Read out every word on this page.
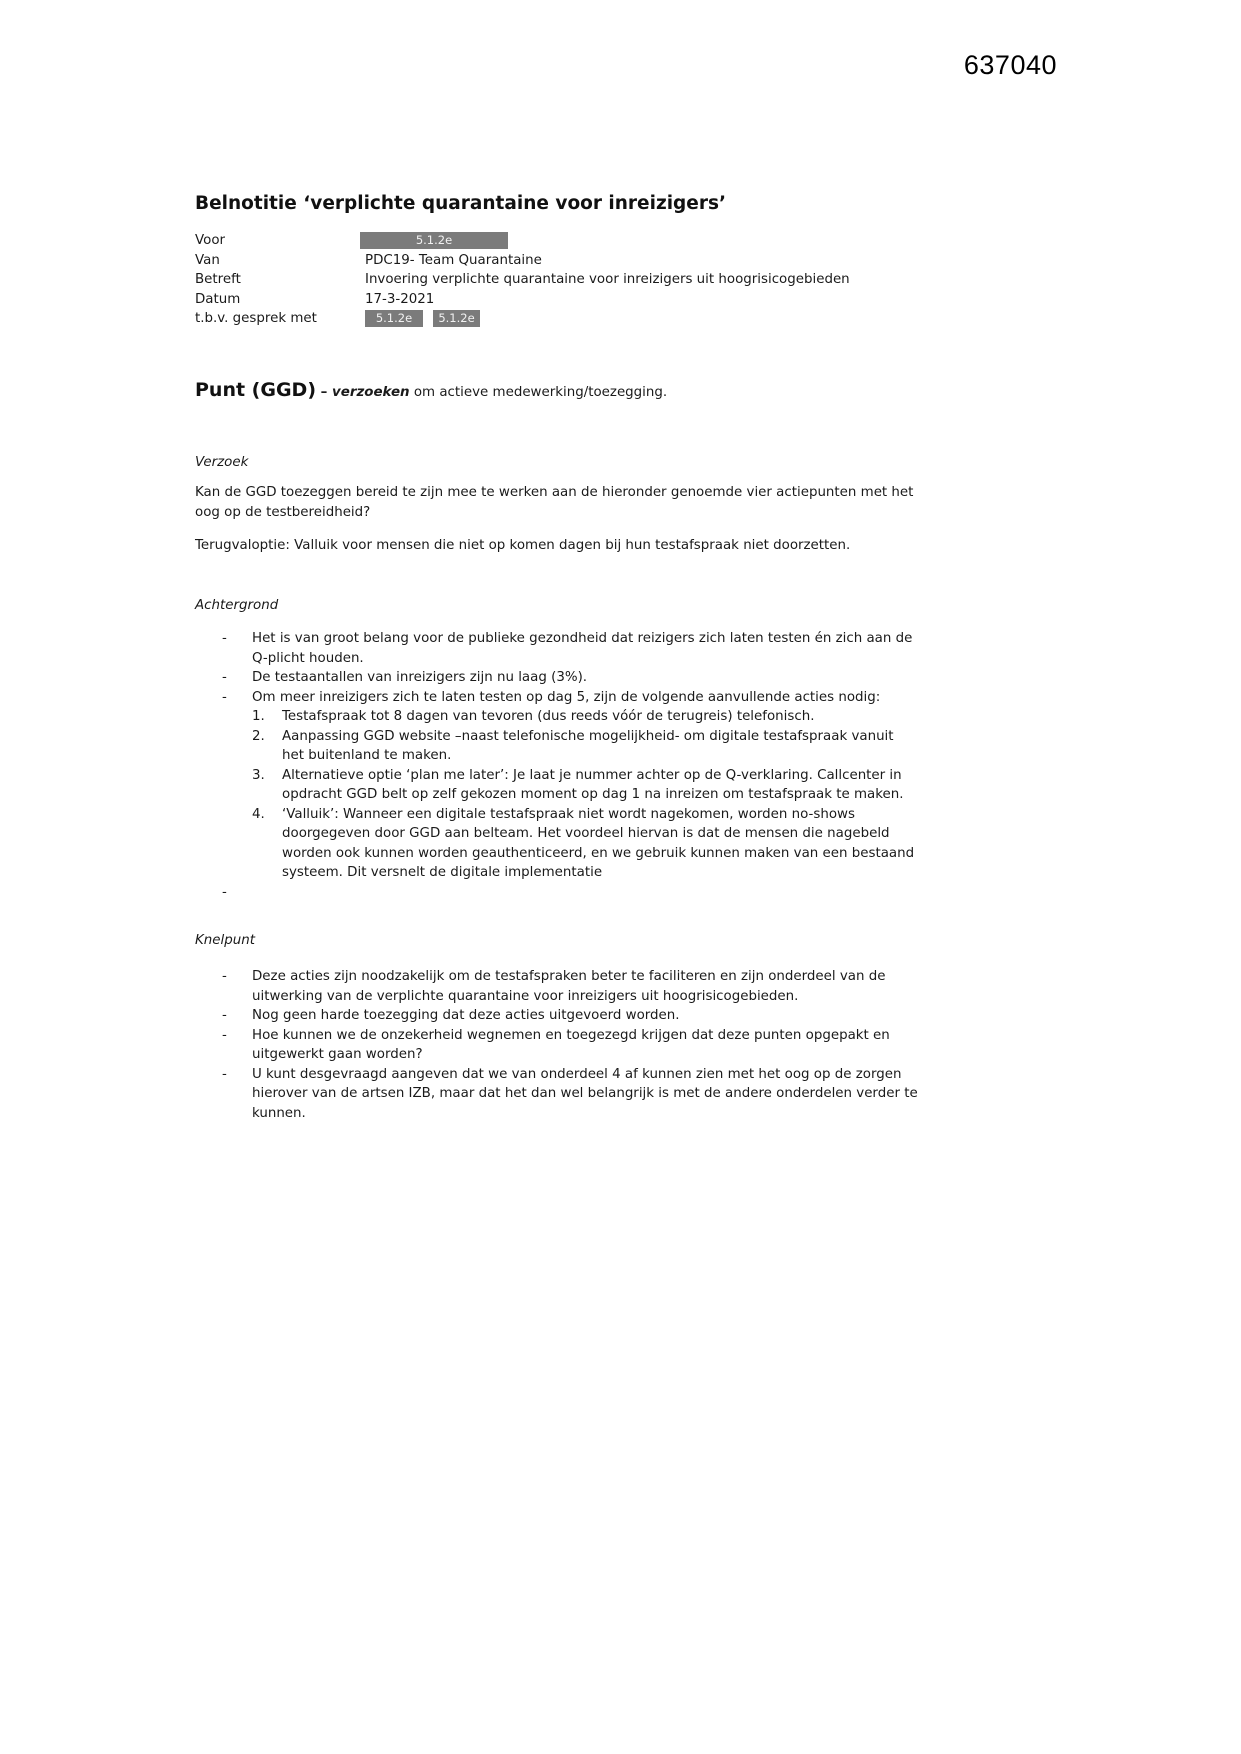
637040
Belnotitie ‘verplichte quarantaine voor inreizigers’
Voor	5.1.2e
Van	PDC19- Team Quarantaine
Betreft	Invoering verplichte quarantaine voor inreizigers uit hoogrisicogebieden
Datum	17-3-2021
t.b.v. gesprek met	5.1.2e 5.1.2e
Punt (GGD) – verzoeken om actieve medewerking/toezegging.
Verzoek

Kan de GGD toezeggen bereid te zijn mee te werken aan de hieronder genoemde vier actiepunten met het oog op de testbereidheid?

Terugvaloptie: Valluik voor mensen die niet op komen dagen bij hun testafspraak niet doorzetten.

Achtergrond
- Het is van groot belang voor de publieke gezondheid dat reizigers zich laten testen én zich aan de Q-plicht houden.
- De testaantallen van inreizigers zijn nu laag (3%).
- Om meer inreizigers zich te laten testen op dag 5, zijn de volgende aanvullende acties nodig:
1. Testafspraak tot 8 dagen van tevoren (dus reeds vóór de terugreis) telefonisch.
2. Aanpassing GGD website –naast telefonische mogelijkheid- om digitale testafspraak vanuit het buitenland te maken.
3. Alternatieve optie ‘plan me later’: Je laat je nummer achter op de Q-verklaring. Callcenter in opdracht GGD belt op zelf gekozen moment op dag 1 na inreizen om testafspraak te maken.
4. ‘Valluik’: Wanneer een digitale testafspraak niet wordt nagekomen, worden no-shows doorgegeven door GGD aan belteam. Het voordeel hiervan is dat de mensen die nagebeld worden ook kunnen worden geauthenticeerd, en we gebruik kunnen maken van een bestaand systeem. Dit versnelt de digitale implementatie
-
Knelpunt
- Deze acties zijn noodzakelijk om de testafspraken beter te faciliteren en zijn onderdeel van de uitwerking van de verplichte quarantaine voor inreizigers uit hoogrisicogebieden.
- Nog geen harde toezegging dat deze acties uitgevoerd worden.
- Hoe kunnen we de onzekerheid wegnemen en toegezegd krijgen dat deze punten opgepakt en uitgewerkt gaan worden?
- U kunt desgevraagd aangeven dat we van onderdeel 4 af kunnen zien met het oog op de zorgen hierover van de artsen IZB, maar dat het dan wel belangrijk is met de andere onderdelen verder te kunnen.
